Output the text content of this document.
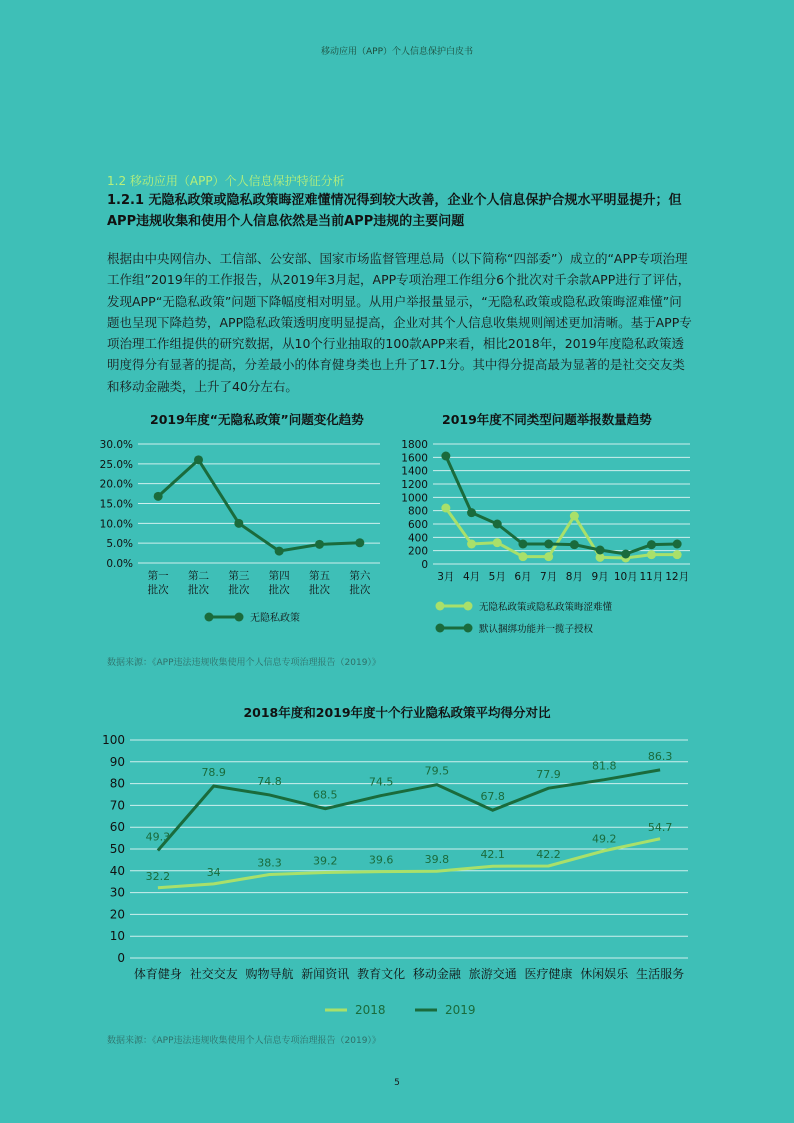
移动应用（APP）个人信息保护白皮书
1.2 移动应用（APP）个人信息保护特征分析
1.2.1 无隐私政策或隐私政策晦涩难懂情况得到较大改善，企业个人信息保护合规水平明显提升；但APP违规收集和使用个人信息依然是当前APP违规的主要问题
根据由中央网信办、工信部、公安部、国家市场监督管理总局（以下简称“四部委”）成立的“APP专项治理工作组”2019年的工作报告，从2019年3月起，APP专项治理工作组分6个批次对千余款APP进行了评估，发现APP“无隐私政策”问题下降幅度相对明显。从用户举报量显示，“无隐私政策或隐私政策晦涩难懂”问题也呈现下降趋势，APP隐私政策透明度明显提高，企业对其个人信息收集规则阐述更加清晰。基于APP专项治理工作组提供的研究数据，从10个行业抽取的100款APP来看，相比2018年，2019年度隐私政策透明度得分有显著的提高，分差最小的体育健身类也上升了17.1分。其中得分提高最为显著的是社交交友类和移动金融类，上升了40分左右。
2019年度“无隐私政策”问题变化趋势
0.0%
5.0%
10.0%
15.0%
20.0%
25.0%
30.0%
第一批次
第二批次
第三批次
第四批次
第五批次
第六批次
无隐私政策
2019年度不同类型问题举报数量趋势
0
200
400
600
800
1000
1200
1400
1600
1800
3月 4月 5月 6月 7月 8月 9月 10月 11月 12月
无隐私政策或隐私政策晦涩难懂
默认捆绑功能并一揽子授权
数据来源：《APP违法违规收集使用个人信息专项治理报告（2019）》
2018年度和2019年度十个行业隐私政策平均得分对比
0
10
20
30
40
50
60
70
80
90
100
体育健身 社交交友 购物导航 新闻资讯 教育文化 移动金融 旅游交通 医疗健康 休闲娱乐 生活服务
32.2	34
38.3	39.2	39.6	39.8	42.1	42.2
49.2
54.7
49.3
78.9
74.8
68.5
74.5
79.5
67.8
77.9
81.8
86.3
2018	2019
数据来源：《APP违法违规收集使用个人信息专项治理报告（2019）》
5
